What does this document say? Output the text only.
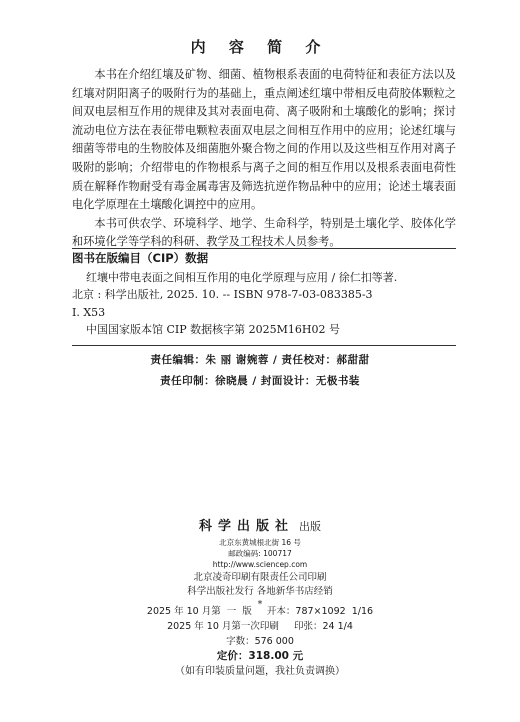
内 容 简 介

本书在介绍红壤及矿物、细菌、植物根系表面的电荷特征和表征方法以及红壤对阴阳离子的吸附行为的基础上，重点阐述红壤中带相反电荷胶体颗粒之间双电层相互作用的规律及其对表面电荷、离子吸附和土壤酸化的影响；探讨流动电位方法在表征带电颗粒表面双电层之间相互作用中的应用；论述红壤与细菌等带电的生物胶体及细菌胞外聚合物之间的作用以及这些相互作用对离子吸附的影响；介绍带电的作物根系与离子之间的相互作用以及根系表面电荷性质在解释作物耐受有毒金属毒害及筛选抗逆作物品种中的应用；论述土壤表面电化学原理在土壤酸化调控中的应用。

本书可供农学、环境科学、地学、生命科学，特别是土壤化学、胶体化学和环境化学等学科的科研、教学及工程技术人员参考。

图书在版编目（CIP）数据
红壤中带电表面之间相互作用的电化学原理与应用 / 徐仁扣等著.
北京 : 科学出版社, 2025. 10. -- ISBN 978-7-03-083385-3
Ⅰ. X53
中国国家版本馆 CIP 数据核字第 2025M16H02 号
责任编辑：朱 丽 谢婉蓉 / 责任校对：郝甜甜
责任印制：徐晓晨 / 封面设计：无极书装
科学出版社 出版
北京东黄城根北街 16 号
邮政编码: 100717
http://www.sciencep.com
北京凌奇印刷有限责任公司印刷
科学出版社发行 各地新华书店经销
*
2025 年 10 月第  一  版 开本：787×1092  1/16
2025 年 10 月第一次印刷 印张：24 1/4
字数：576 000
定价：318.00 元
（如有印装质量问题，我社负责调换）
